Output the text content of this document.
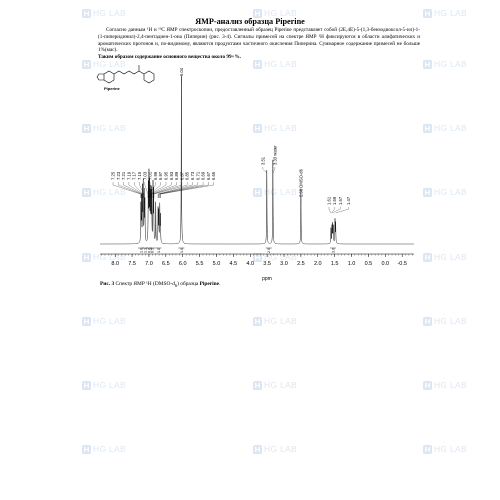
HG LAB	HG LAB	HG LAB
HG LAB	HG LAB	HG LAB
HG LAB	HG LAB	HG LAB
HG LAB	HG LAB	HG LAB
HG LAB	HG LAB	HG LAB
HG LAB	HG LAB	HG LAB
HG LAB	HG LAB	HG LAB
HG LAB	HG LAB	HG LAB
ЯМР-анализ образца Piperine

Согласно данным ¹H и ¹³C ЯМР спектроскопии, предоставленный образец Piperine представляет собой (2E,4E)-5-(1,3-бензодиоксол-5-ил)-1-(1-пиперидинил)-2,4-пентадиен-1-она (Пиперин) (рис. 3-4). Сигналы примесей на спектре ЯМР ¹H фиксируются в области алифатических и ароматических протонов и, по-видимому, являются продуктами частичного окисления Пиперина. Суммарное содержание примесей не больше 1%(мас).

Таким образом содержание основного вещества около 99+%.

Piperine
7.25 7.23 7.21 7.19 7.17 7.15 7.03 7.01 6.99 6.97 6.95 6.93 6.89 6.87 6.85 6.73 6.71 6.69 6.67 6.65
6.04
3.51 3.33 water
2.50 DMSO-d6
1.61 1.59 1.57 1.47
1.0 1.1 0.6 0.5 1.0	1.0	2.0	3.0
8.0 7.5 7.0 6.5 6.0 5.5 5.0 4.5 4.0 3.5 3.0 2.5 2.0 1.5 1.0 0.5 0.0 -0.5
ppm
Рис. 3 Спектр ЯМР ¹H $(DMSO-d_6)$ образца Piperine.
